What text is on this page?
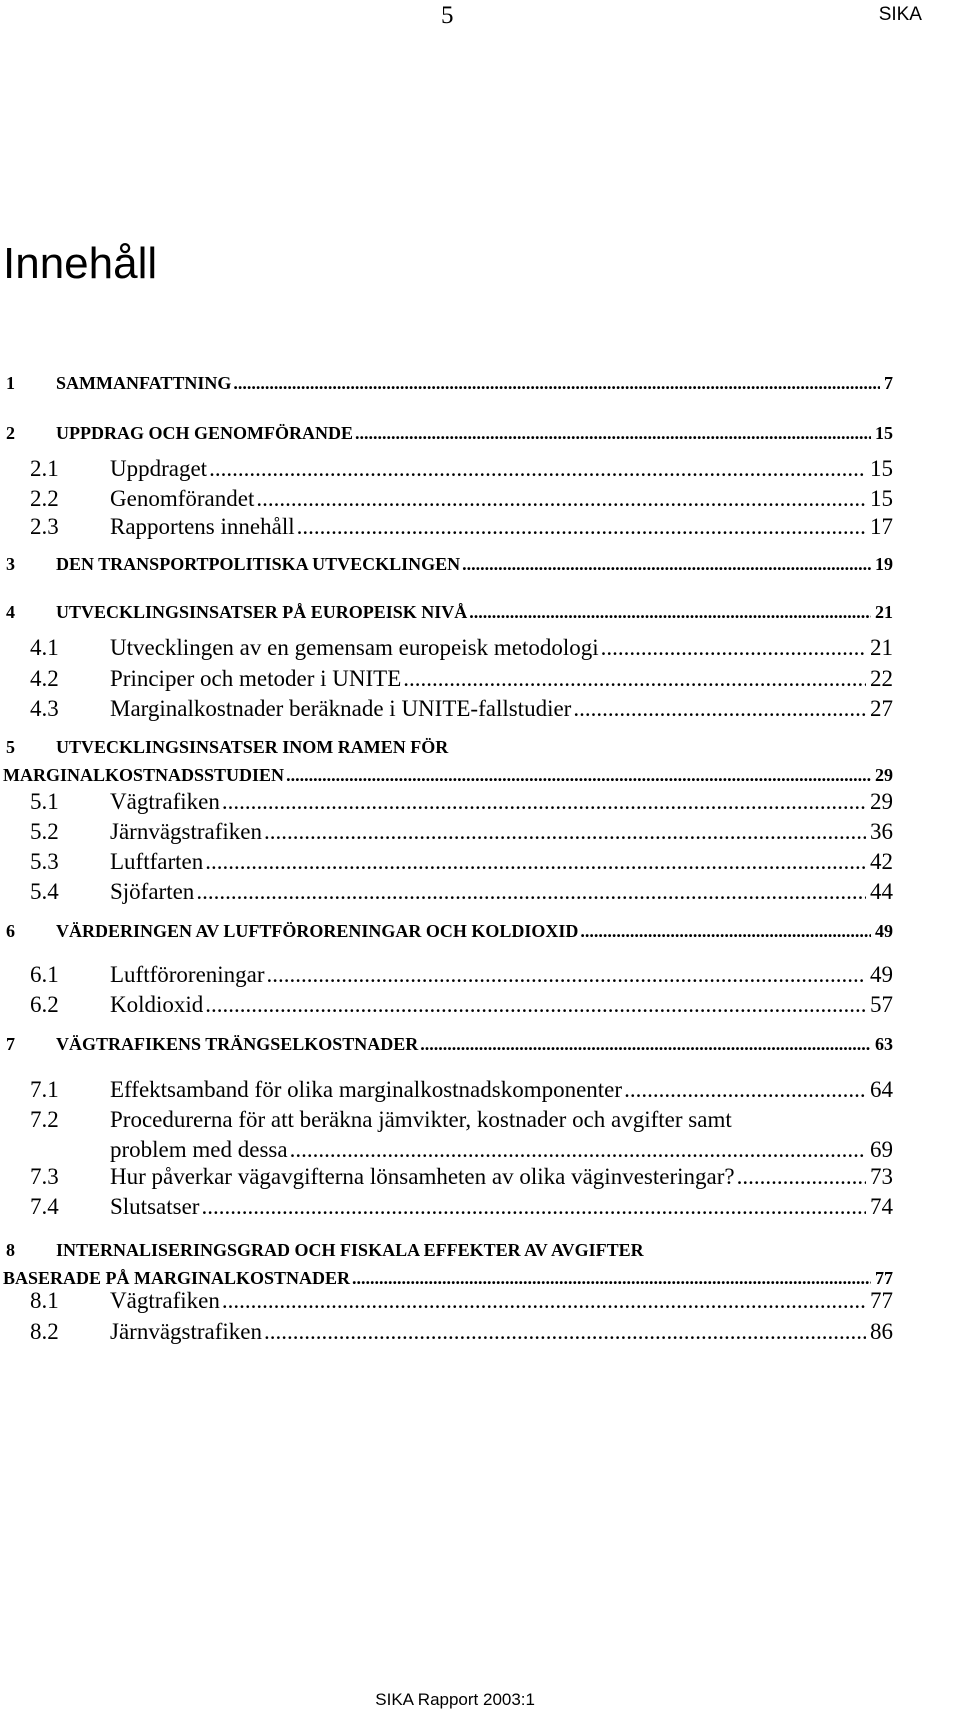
5	SIKA
Innehåll
1 SAMMANFATTNING .....	7
2 UPPDRAG OCH GENOMFÖRANDE .....	15
2.1 Uppdraget .....	15
2.2 Genomförandet .....	15
2.3 Rapportens innehåll .....	17
3 DEN TRANSPORTPOLITISKA UTVECKLINGEN .....	19
4 UTVECKLINGSINSATSER PÅ EUROPEISK NIVÅ .....	21
4.1 Utvecklingen av en gemensam europeisk metodologi .....	21
4.2 Principer och metoder i UNITE .....	22
4.3 Marginalkostnader beräknade i UNITE-fallstudier .....	27
5 UTVECKLINGSINSATSER INOM RAMEN FÖR
MARGINALKOSTNADSSTUDIEN .....	29
5.1 Vägtrafiken .....	29
5.2 Järnvägstrafiken .....	36
5.3 Luftfarten .....	42
5.4 Sjöfarten .....	44
6 VÄRDERINGEN AV LUFTFÖRORENINGAR OCH KOLDIOXID .....	49
6.1 Luftföroreningar .....	49
6.2 Koldioxid .....	57
7 VÄGTRAFIKENS TRÄNGSELKOSTNADER .....	63
7.1 Effektsamband för olika marginalkostnadskomponenter .....	64
7.2 Procedurerna för att beräkna jämvikter, kostnader och avgifter samt
problem med dessa .....	69
7.3 Hur påverkar vägavgifterna lönsamheten av olika väginvesteringar? .....	73
7.4 Slutsatser .....	74
8 INTERNALISERINGSGRAD OCH FISKALA EFFEKTER AV AVGIFTER
BASERADE PÅ MARGINALKOSTNADER .....	77
8.1 Vägtrafiken .....	77
8.2 Järnvägstrafiken .....	86
SIKA Rapport 2003:1
